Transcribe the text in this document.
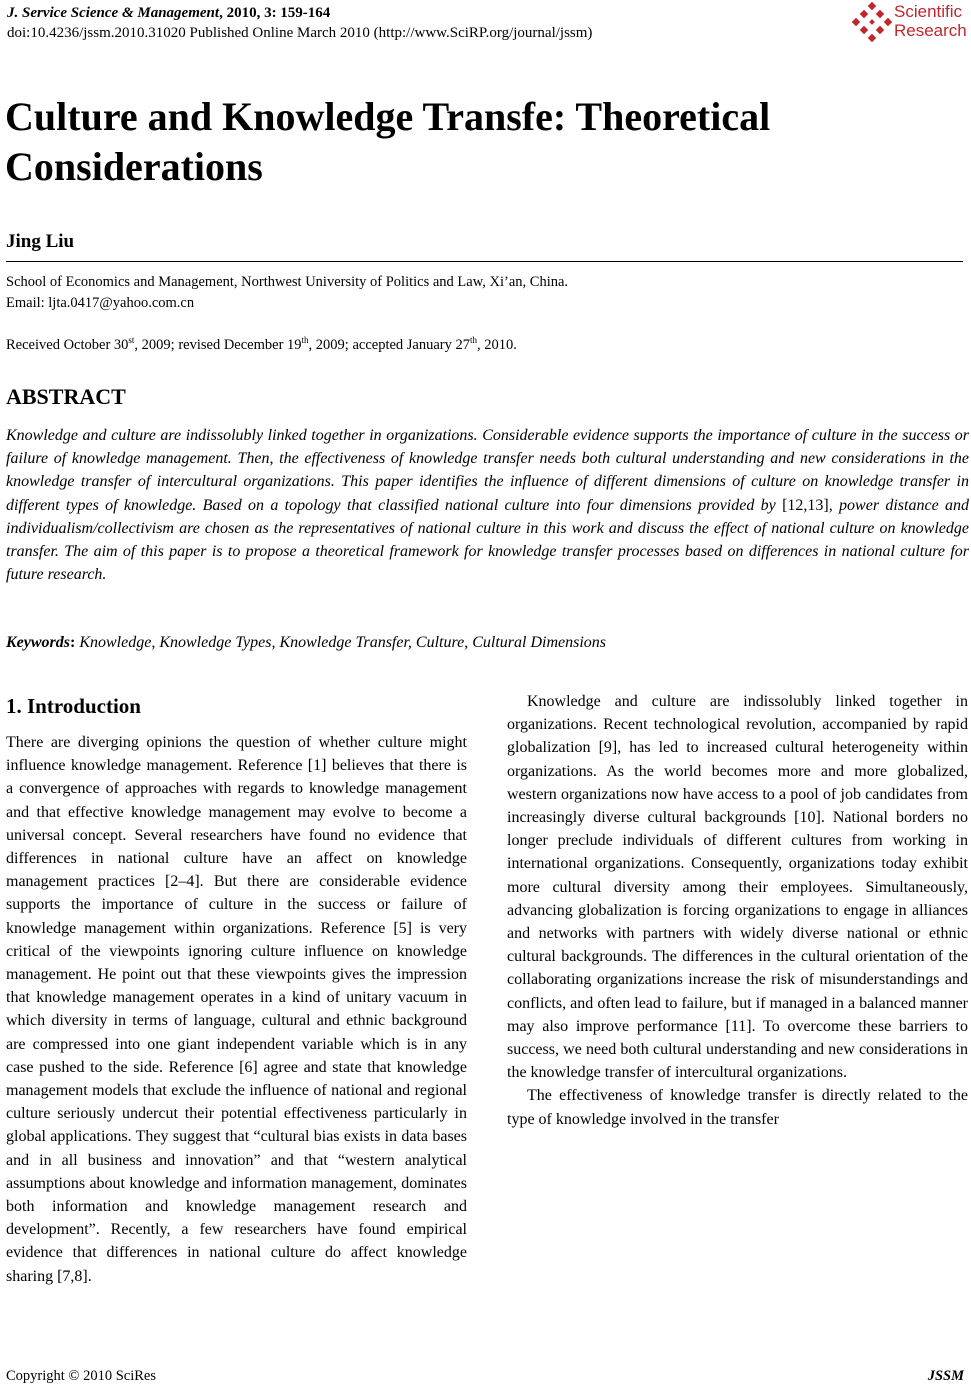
J. Service Science & Management, 2010, 3: 159-164
doi:10.4236/jssm.2010.31020 Published Online March 2010 (http://www.SciRP.org/journal/jssm)
Scientific
Research
Culture and Knowledge Transfe: Theoretical Considerations
Jing Liu
School of Economics and Management, Northwest University of Politics and Law, Xi’an, China.
Email: ljta.0417@yahoo.com.cn
Received October 30st, 2009; revised December 19th, 2009; accepted January 27th, 2010.
ABSTRACT
Knowledge and culture are indissolubly linked together in organizations. Considerable evidence supports the importance of culture in the success or failure of knowledge management. Then, the effectiveness of knowledge transfer needs both cultural understanding and new considerations in the knowledge transfer of intercultural organizations. This paper identifies the influence of different dimensions of culture on knowledge transfer in different types of knowledge. Based on a topology that classified national culture into four dimensions provided by [12,13], power distance and individualism/collectivism are chosen as the representatives of national culture in this work and discuss the effect of national culture on knowledge transfer. The aim of this paper is to propose a theoretical framework for knowledge transfer processes based on differences in national culture for future research.
Keywords: Knowledge, Knowledge Types, Knowledge Transfer, Culture, Cultural Dimensions
1. Introduction

There are diverging opinions the question of whether culture might influence knowledge management. Reference [1] believes that there is a convergence of approaches with regards to knowledge management and that effective knowledge management may evolve to become a universal concept. Several researchers have found no evidence that differences in national culture have an affect on knowledge management practices [2–4]. But there are considerable evidence supports the importance of culture in the success or failure of knowledge management within organizations. Reference [5] is very critical of the viewpoints ignoring culture influence on knowledge management. He point out that these viewpoints gives the impression that knowledge management operates in a kind of unitary vacuum in which diversity in terms of language, cultural and ethnic background are compressed into one giant independent variable which is in any case pushed to the side. Reference [6] agree and state that knowledge management models that exclude the influence of national and regional culture seriously undercut their potential effectiveness particularly in global applications. They suggest that “cultural bias exists in data bases and in all business and innovation” and that “western analytical assumptions about knowledge and information management, dominates both information and knowledge management research and development”. Recently, a few researchers have found empirical evidence that differences in national culture do affect knowledge sharing [7,8].

Knowledge and culture are indissolubly linked together in organizations. Recent technological revolution, accompanied by rapid globalization [9], has led to increased cultural heterogeneity within organizations. As the world becomes more and more globalized, western organizations now have access to a pool of job candidates from increasingly diverse cultural backgrounds [10]. National borders no longer preclude individuals of different cultures from working in international organizations. Consequently, organizations today exhibit more cultural diversity among their employees. Simultaneously, advancing globalization is forcing organizations to engage in alliances and networks with partners with widely diverse national or ethnic cultural backgrounds. The differences in the cultural orientation of the collaborating organizations increase the risk of misunderstandings and conflicts, and often lead to failure, but if managed in a balanced manner may also improve performance [11]. To overcome these barriers to success, we need both cultural understanding and new considerations in the knowledge transfer of intercultural organizations.

The effectiveness of knowledge transfer is directly related to the type of knowledge involved in the transfer

Copyright © 2010 SciRes	JSSM
